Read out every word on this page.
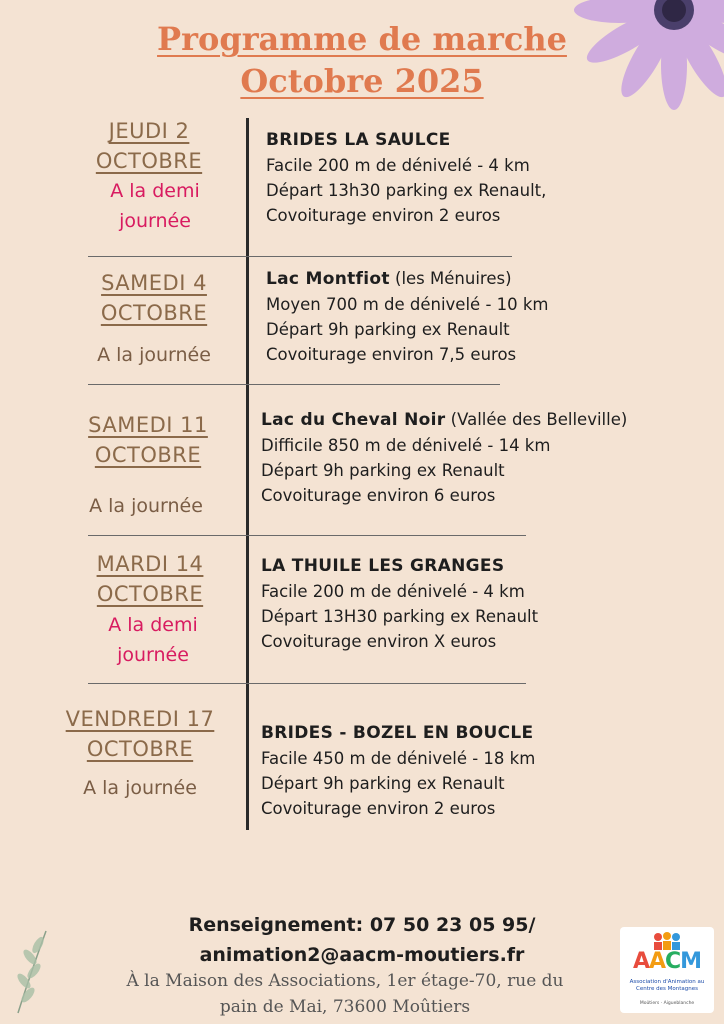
Programme de marche
Octobre 2025
JEUDI 2
OCTOBRE
A la demi journée
BRIDES LA SAULCE
Facile 200 m de dénivelé - 4 km
Départ 13h30 parking ex Renault,
Covoiturage environ 2 euros
SAMEDI 4
OCTOBRE
A la journée
Lac Montfiot (les Ménuires)
Moyen 700 m de dénivelé - 10 km
Départ 9h parking ex Renault
Covoiturage environ 7,5 euros
SAMEDI 11
OCTOBRE
A la journée
Lac du Cheval Noir (Vallée des Belleville)
Difficile 850 m de dénivelé - 14 km
Départ 9h parking ex Renault
Covoiturage environ 6 euros
MARDI 14
OCTOBRE
A la demi journée
LA THUILE LES GRANGES
Facile 200 m de dénivelé - 4 km
Départ 13H30 parking ex Renault
Covoiturage environ X euros
VENDREDI 17
OCTOBRE
A la journée
BRIDES - BOZEL EN BOUCLE
Facile 450 m de dénivelé - 18 km
Départ 9h parking ex Renault
Covoiturage environ 2 euros
Renseignement: 07 50 23 05 95/
animation2@aacm-moutiers.fr
À la Maison des Associations, 1er étage-70, rue du
pain de Mai, 73600 Moûtiers
AACM
Association d'Animation au Centre des Montagnes
Moûtiers · Aigueblanche
